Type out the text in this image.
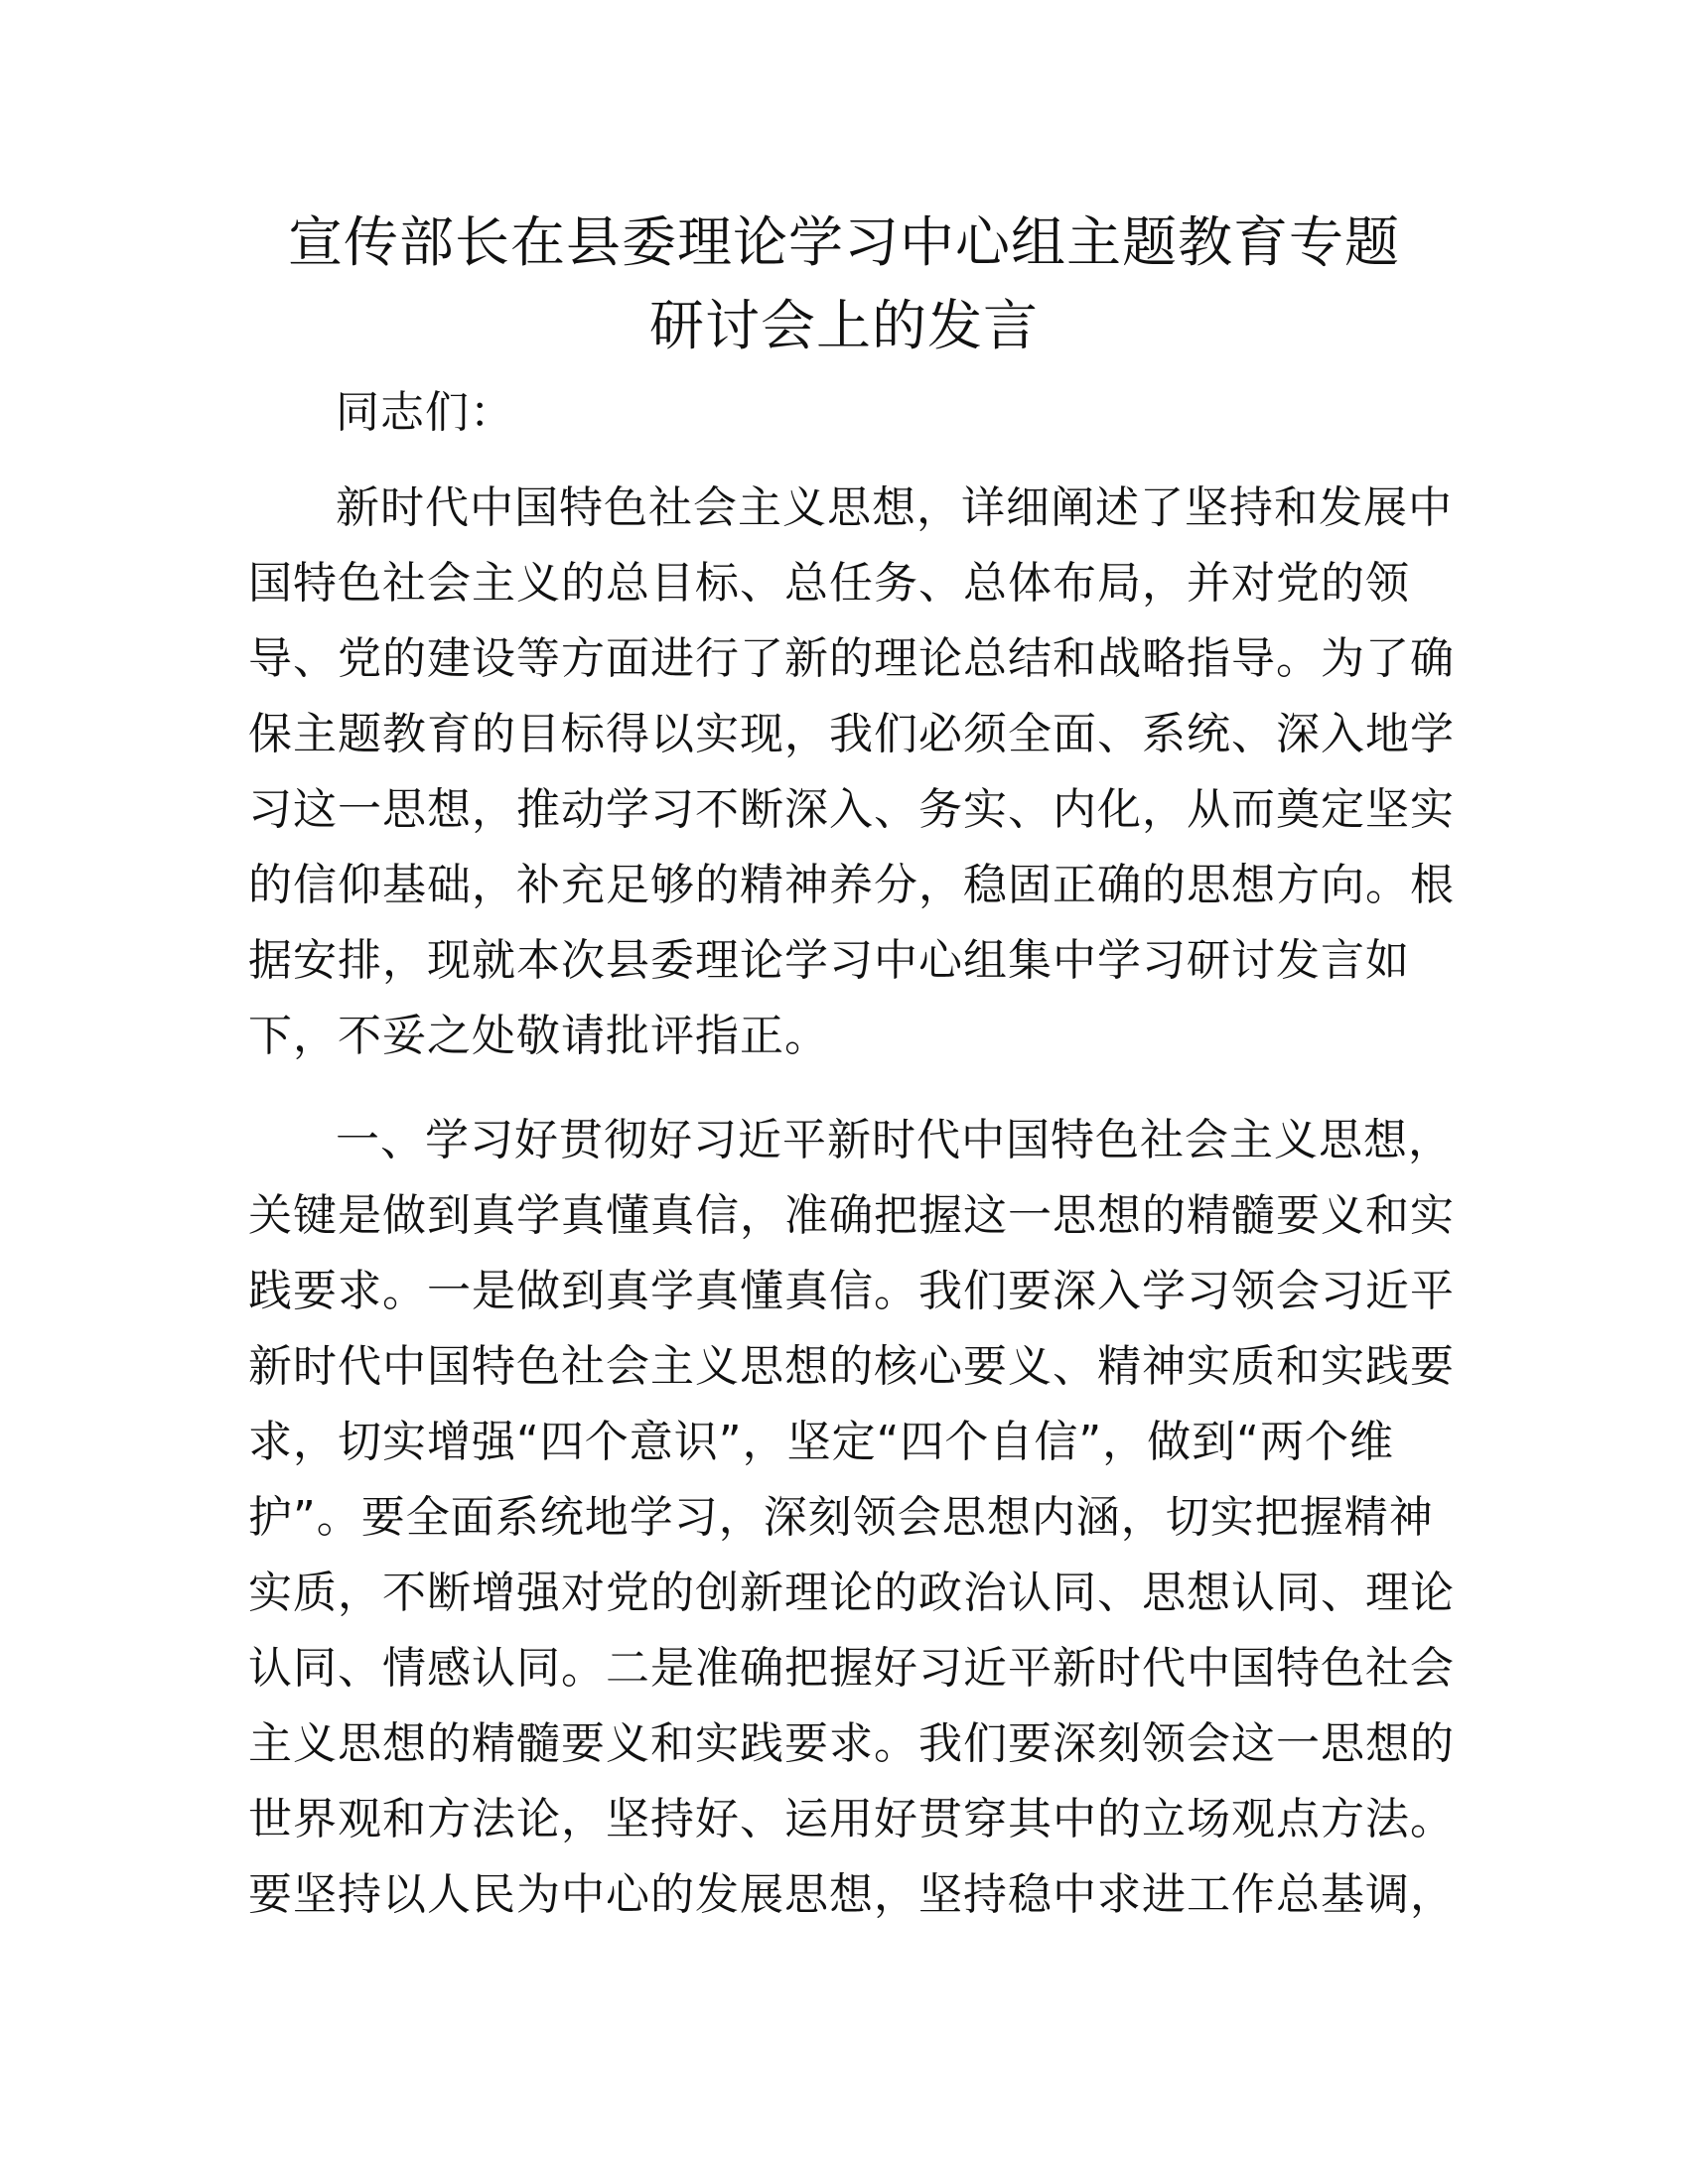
宣传部长在县委理论学习中心组主题教育专题
研讨会上的发言

同志们：

新时代中国特色社会主义思想，详细阐述了坚持和发展中
国特色社会主义的总目标、总任务、总体布局，并对党的领
导、党的建设等方面进行了新的理论总结和战略指导。为了确
保主题教育的目标得以实现，我们必须全面、系统、深入地学
习这一思想，推动学习不断深入、务实、内化，从而奠定坚实
的信仰基础，补充足够的精神养分，稳固正确的思想方向。根
据安排，现就本次县委理论学习中心组集中学习研讨发言如
下，不妥之处敬请批评指正。

一、学习好贯彻好习近平新时代中国特色社会主义思想，
关键是做到真学真懂真信，准确把握这一思想的精髓要义和实
践要求。一是做到真学真懂真信。我们要深入学习领会习近平
新时代中国特色社会主义思想的核心要义、精神实质和实践要
求，切实增强“四个意识”，坚定“四个自信”，做到“两个维
护”。要全面系统地学习，深刻领会思想内涵，切实把握精神
实质，不断增强对党的创新理论的政治认同、思想认同、理论
认同、情感认同。二是准确把握好习近平新时代中国特色社会
主义思想的精髓要义和实践要求。我们要深刻领会这一思想的
世界观和方法论，坚持好、运用好贯穿其中的立场观点方法。
要坚持以人民为中心的发展思想，坚持稳中求进工作总基调，
